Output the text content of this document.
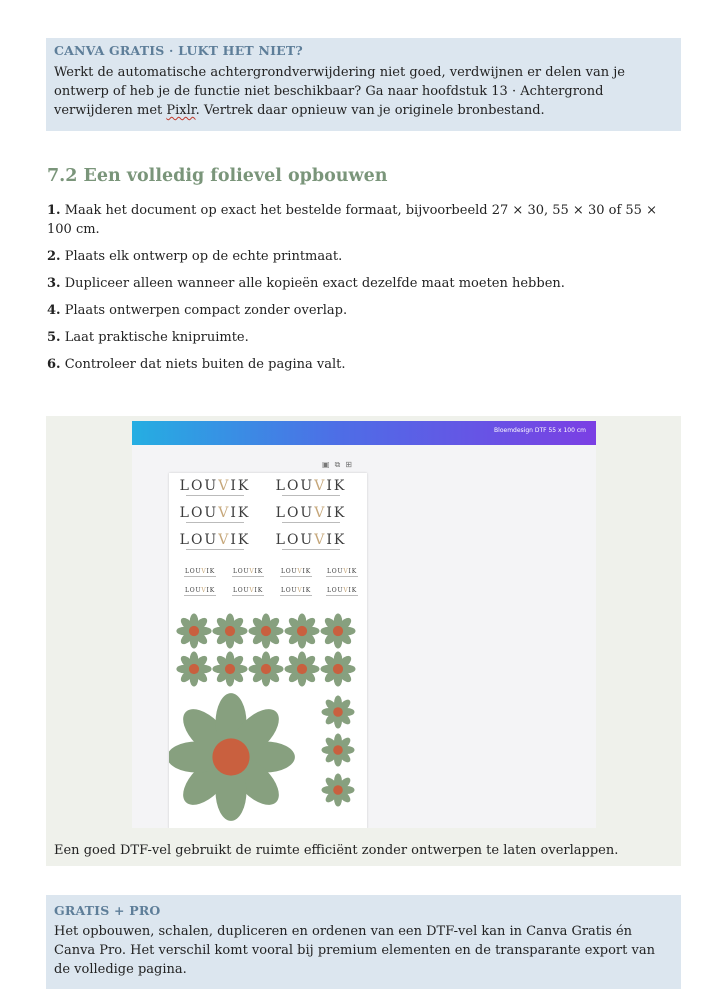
CANVA GRATIS · LUKT HET NIET?
Werkt de automatische achtergrondverwijdering niet goed, verdwijnen er delen van je ontwerp of heb je de functie niet beschikbaar? Ga naar hoofdstuk 13 · Achtergrond verwijderen met Pixlr. Vertrek daar opnieuw van je originele bronbestand.
7.2 Een volledig folievel opbouwen
1. Maak het document op exact het bestelde formaat, bijvoorbeeld 27 × 30, 55 × 30 of 55 × 100 cm.
2. Plaats elk ontwerp op de echte printmaat.
3. Dupliceer alleen wanneer alle kopieën exact dezelfde maat moeten hebben.
4. Plaats ontwerpen compact zonder overlap.
5. Laat praktische knipruimte.
6. Controleer dat niets buiten de pagina valt.
Bloemdesign DTF 55 x 100 cm
▣⧉⊞
LOUVIK	LOUVIK
LOUVIK	LOUVIK
LOUVIK	LOUVIK
LOUVIK	LOUVIK	LOUVIK	LOUVIK
LOUVIK	LOUVIK	LOUVIK	LOUVIK
Een goed DTF-vel gebruikt de ruimte efficiënt zonder ontwerpen te laten overlappen.
GRATIS + PRO
Het opbouwen, schalen, dupliceren en ordenen van een DTF-vel kan in Canva Gratis én Canva Pro. Het verschil komt vooral bij premium elementen en de transparante export van de volledige pagina.
